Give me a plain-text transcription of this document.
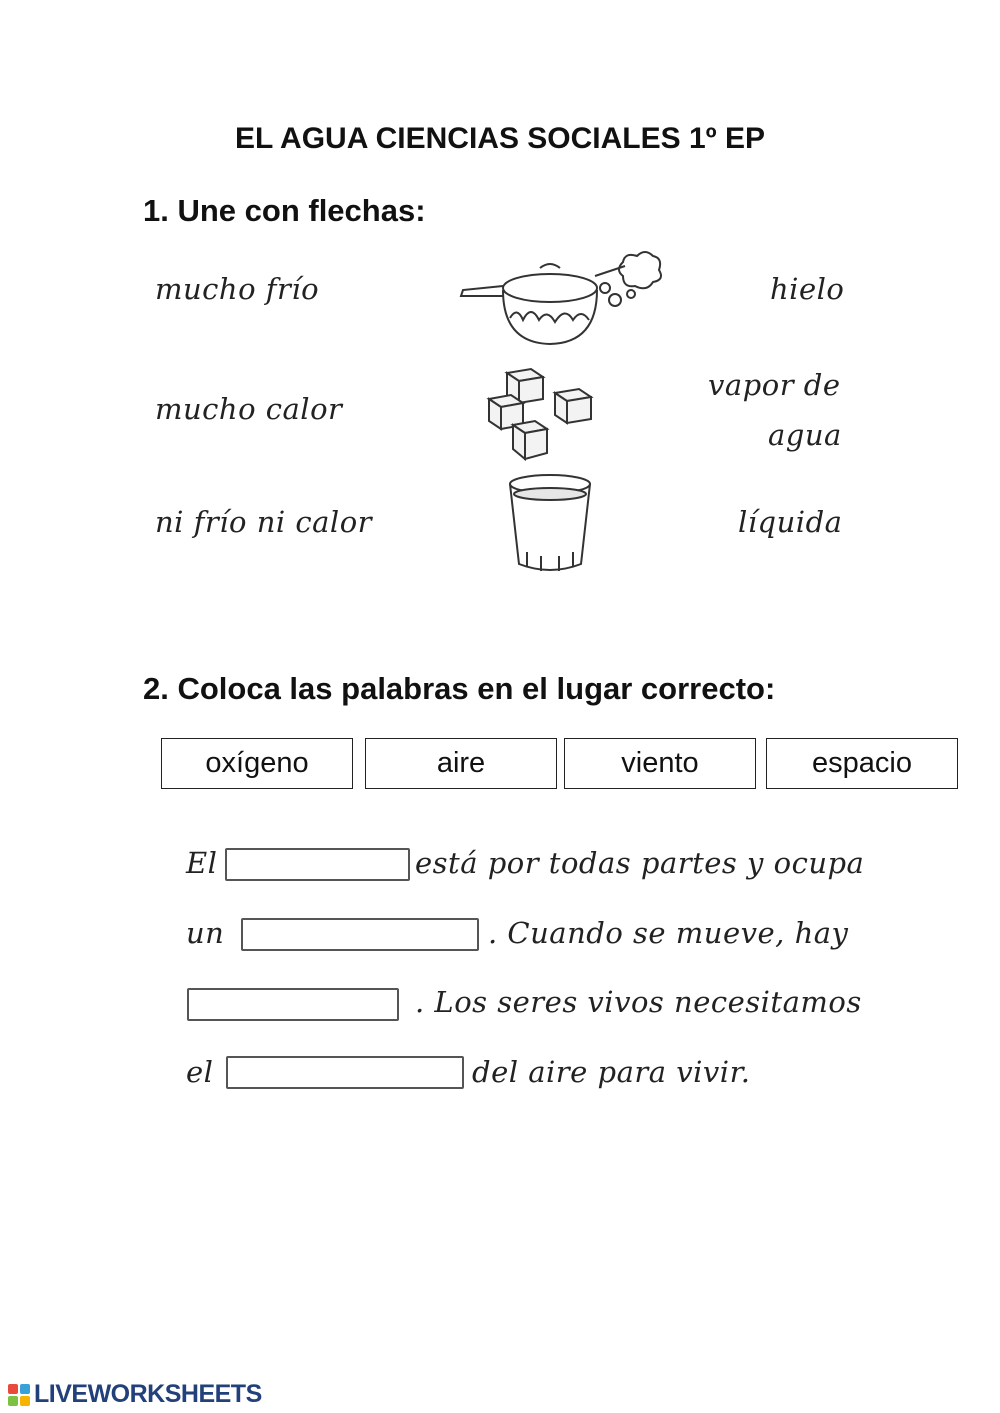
EL AGUA CIENCIAS SOCIALES 1º EP
1. Une con flechas:
mucho frío
mucho calor
ni frío ni calor
hielo
vapor de
agua
líquida
2. Coloca las palabras en el lugar correcto:
oxígeno	aire	viento	espacio
El	está por todas partes y ocupa
un	. Cuando se mueve, hay
. Los seres vivos necesitamos
el	del aire para vivir.
LIVEWORKSHEETS
